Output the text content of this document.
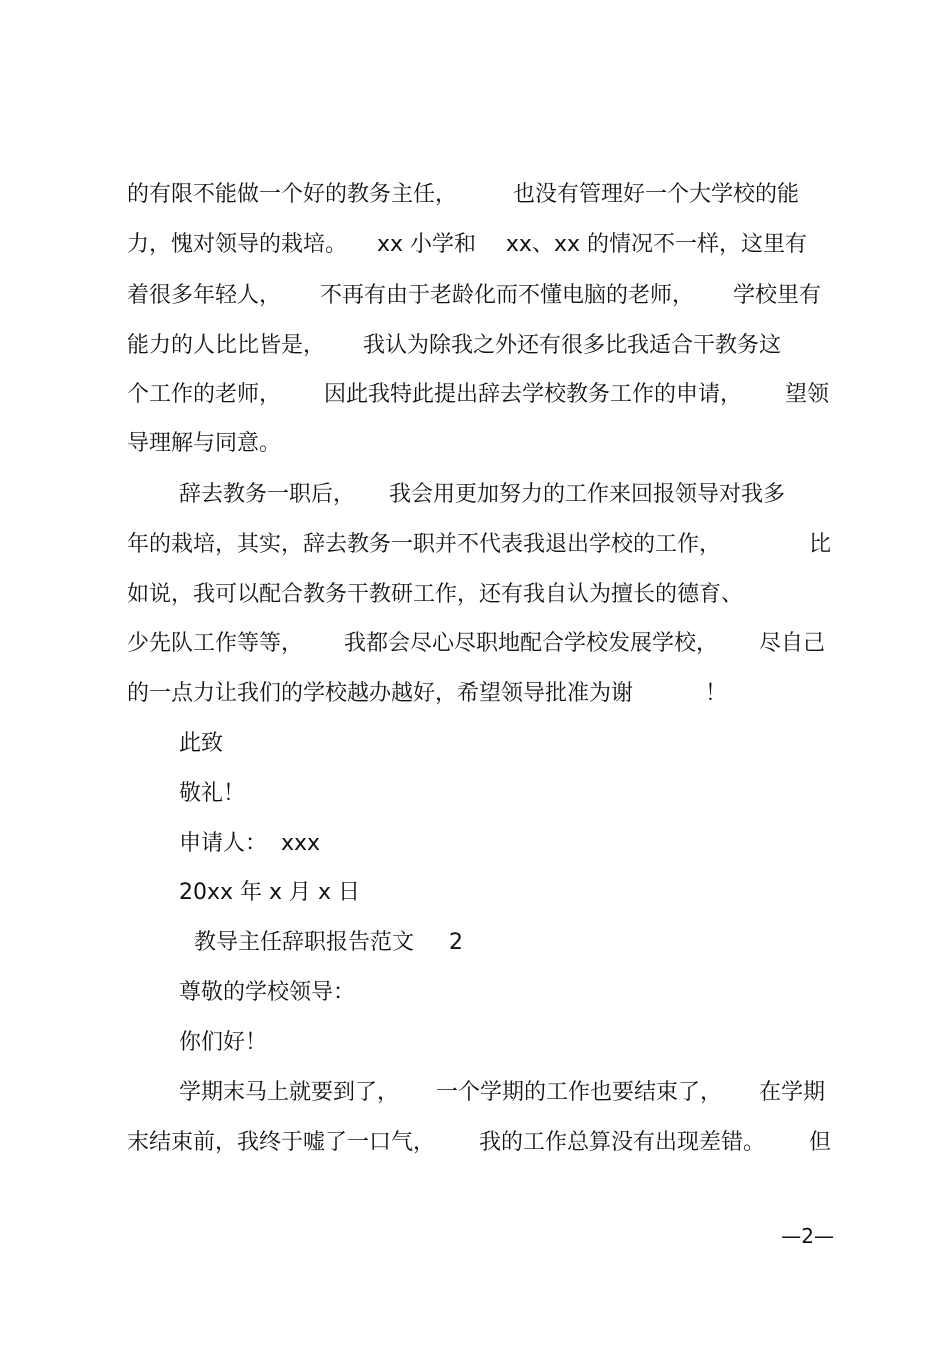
的有限不能做一个好的教务主任，	也没有管理好一个大学校的能
力，愧对领导的栽培。 xx 小学和 xx、xx 的情况不一样，这里有
着很多年轻人， 不再有由于老龄化而不懂电脑的老师， 学校里有
能力的人比比皆是， 我认为除我之外还有很多比我适合干教务这
个工作的老师， 因此我特此提出辞去学校教务工作的申请， 望领
导理解与同意。
辞去教务一职后， 我会用更加努力的工作来回报领导对我多
年的栽培，其实，辞去教务一职并不代表我退出学校的工作，	比
如说，我可以配合教务干教研工作，还有我自认为擅长的德育、
少先队工作等等， 我都会尽心尽职地配合学校发展学校， 尽自己
的一点力让我们的学校越办越好，希望领导批准为谢	！
此致
敬礼！
申请人：  xxx
20xx 年 x 月 x 日
教导主任辞职报告范文     2
尊敬的学校领导：
你们好！
学期末马上就要到了， 一个学期的工作也要结束了， 在学期
末结束前，我终于嘘了一口气， 我的工作总算没有出现差错。 但
—2—
